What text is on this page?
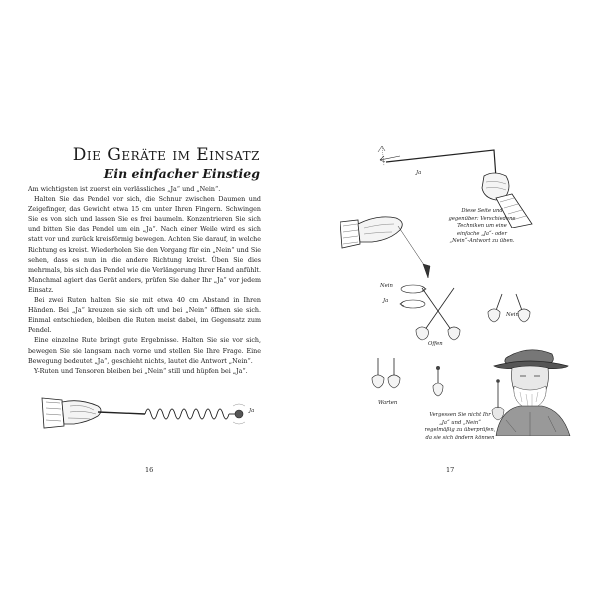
Die Geräte im Einsatz
Ein einfacher Einstieg

Am wichtigsten ist zuerst ein verlässliches „Ja“ und „Nein“.

Halten Sie das Pendel vor sich, die Schnur zwischen Daumen und Zeigefinger, das Gewicht etwa 15 cm unter Ihren Fingern. Schwingen Sie es von sich und lassen Sie es frei baumeln. Konzentrieren Sie sich und bitten Sie das Pendel um ein „Ja“. Nach einer Weile wird es sich statt vor und zurück kreisförmig bewegen. Achten Sie darauf, in welche Richtung es kreist. Wiederholen Sie den Vorgang für ein „Nein“ und Sie sehen, dass es nun in die andere Richtung kreist. Üben Sie dies mehrmals, bis sich das Pendel wie die Verlängerung Ihrer Hand anfühlt. Manchmal agiert das Gerät anders, prüfen Sie daher Ihr „Ja“ vor jedem Einsatz.

Bei zwei Ruten halten Sie sie mit etwa 40 cm Abstand in Ihren Händen. Bei „Ja“ kreuzen sie sich oft und bei „Nein“ öffnen sie sich. Einmal entschieden, bleiben die Ruten meist dabei, im Gegensatz zum Pendel.

Eine einzelne Rute bringt gute Ergebnisse. Halten Sie sie vor sich, bewegen Sie sie langsam nach vorne und stellen Sie Ihre Frage. Eine Bewegung bedeutet „Ja“, geschieht nichts, lautet die Antwort „Nein“.

Y-Ruten und Tensoren bleiben bei „Nein“ still und hüpfen bei „Ja“.

Ja
16
Ja
Diese Seite und gegenüber: Verschiedene Techniken um eine einfache „Ja“- oder „Nein“-Antwort zu üben.
Nein
Ja
Nein
Offen
Warten
Vergessen Sie nicht Ihr „Ja“ und „Nein“ regelmäßig zu überprüfen, da sie sich ändern können
17
